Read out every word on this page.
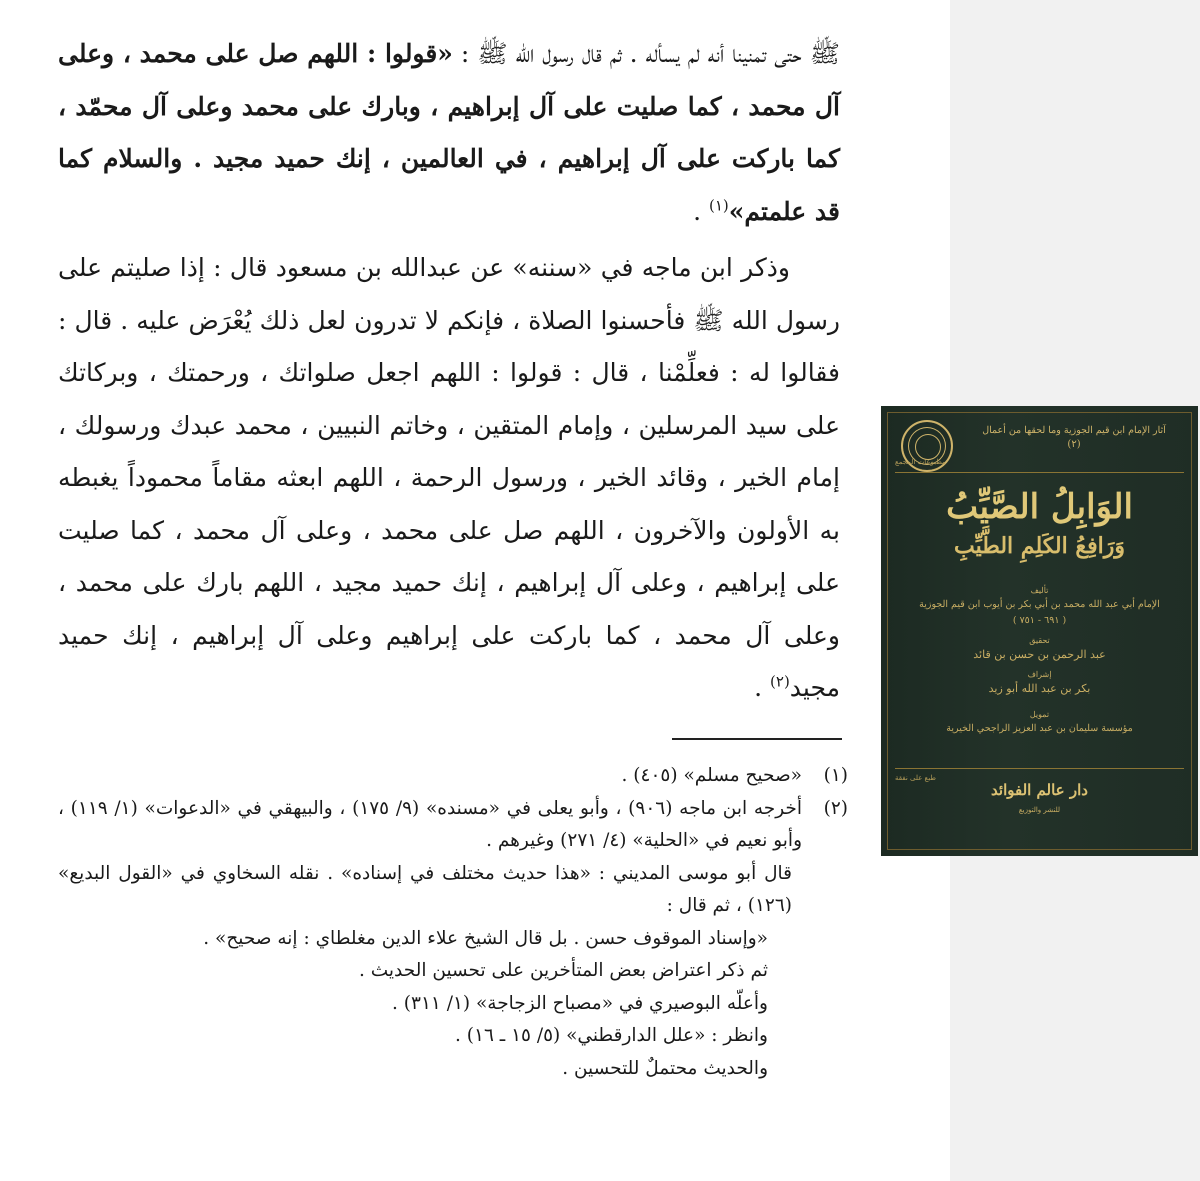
ﷺ حتى تمنينا أنه لم يسأله . ثم قال رسول الله ﷺ : «قولوا : اللهم صل على محمد ، وعلى آل محمد ، كما صليت على آل إبراهيم ، وبارك على محمد وعلى آل محمّد ، كما باركت على آل إبراهيم ، في العالمين ، إنك حميد مجيد . والسلام كما قد علمتم»$^{(١)}$ .

  وذكر ابن ماجه في «سننه» عن عبدالله بن مسعود قال : إذا صليتم على رسول الله ﷺ فأحسنوا الصلاة ، فإنكم لا تدرون لعل ذلك يُعْرَض عليه . قال : فقالوا له : فعلِّمْنا ، قال : قولوا : اللهم اجعل صلواتك ، ورحمتك ، وبركاتك على سيد المرسلين ، وإمام المتقين ، وخاتم النبيين ، محمد عبدك ورسولك ، إمام الخير ، وقائد الخير ، ورسول الرحمة ، اللهم ابعثه مقاماً محموداً يغبطه به الأولون والآخرون ، اللهم صل على محمد ، وعلى آل محمد ، كما صليت على إبراهيم ، وعلى آل إبراهيم ، إنك حميد مجيد ، اللهم بارك على محمد ، وعلى آل محمد ، كما باركت على إبراهيم وعلى آل إبراهيم ، إنك حميد مجيد$^{(٢)}$ .

(١)
«صحيح مسلم» (٤٠٥) .
(٢)
أخرجه ابن ماجه (٩٠٦) ، وأبو يعلى في «مسنده» (٩/ ١٧٥) ، والبيهقي في «الدعوات» (١/ ١١٩) ، وأبو نعيم في «الحلية» (٤/ ٢٧١) وغيرهم .
قال أبو موسى المديني : «هذا حديث مختلف في إسناده» . نقله السخاوي في «القول البديع» (١٢٦) ، ثم قال :
«وإسناد الموقوف حسن . بل قال الشيخ علاء الدين مغلطاي : إنه صحيح» .
ثم ذكر اعتراض بعض المتأخرين على تحسين الحديث .
وأعلّه البوصيري في «مصباح الزجاجة» (١/ ٣١١) .
وانظر : «علل الدارقطني» (٥/ ١٥ ـ ١٦) .
والحديث محتملٌ للتحسين .
آثار الإمام ابن قيم الجوزية وما لحقها من أعمال
(٢)
مطبوعات المجمع
الوَابِلُ الصَّيِّبُ
وَرَافِعُ الكَلِمِ الطَّيِّبِ
تأليف
الإمام أبي عبد الله محمد بن أبي بكر بن أيوب ابن قيم الجوزية
( ٦٩١ - ٧٥١ )
تحقيق
عبد الرحمن بن حسن بن قائد
إشراف
بكر بن عبد الله أبو زيد
تمويل
مؤسسة سليمان بن عبد العزيز الراجحي الخيرية
طبع على نفقة
دار عالم الفوائد
للنشر والتوزيع
